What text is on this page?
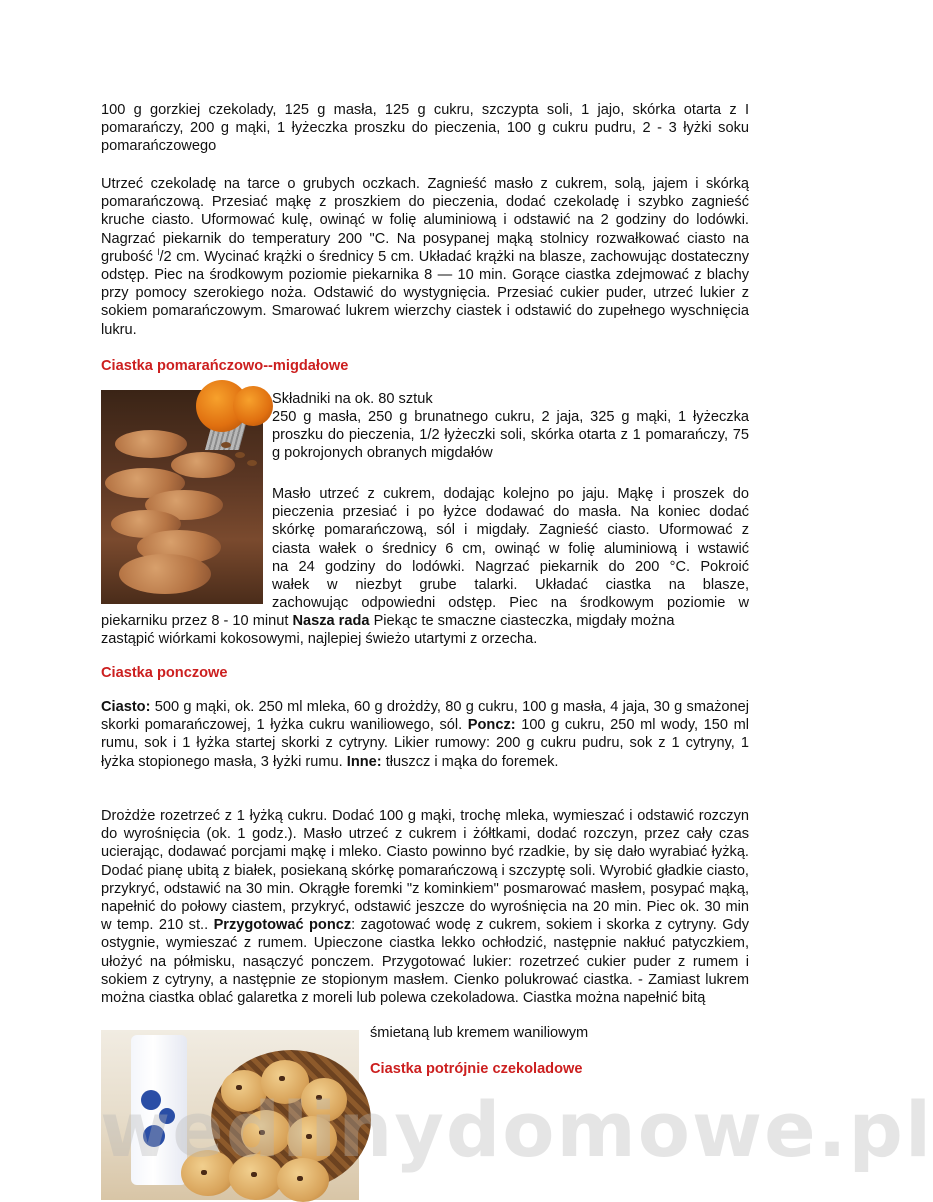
100 g gorzkiej czekolady, 125 g masła, 125 g cukru, szczypta soli, 1 jajo, skórka otarta z I pomarańczy, 200 g mąki, 1 łyżeczka proszku do pieczenia, 100 g cukru pudru, 2 - 3 łyżki soku pomarańczowego
Utrzeć czekoladę na tarce o grubych oczkach. Zagnieść masło z cukrem, solą, jajem i skórką pomarańczową. Przesiać mąkę z proszkiem do pieczenia, dodać czekoladę i szybko zagnieść kruche ciasto. Uformować kulę, owinąć w folię aluminiową i odstawić na 2 godziny do lodówki. Nagrzać piekarnik do temperatury 200 "C. Na posypanej mąką stolnicy rozwałkować ciasto na grubość $^l$/2 cm. Wycinać krążki o średnicy 5 cm. Układać krążki na blasze, zachowując dostateczny odstęp. Piec na środkowym poziomie piekarnika 8 — 10 min. Gorące ciastka zdejmować z blachy przy pomocy szerokiego noża. Odstawić do wystygnięcia. Przesiać cukier puder, utrzeć lukier z sokiem pomarańczowym. Smarować lukrem wierzchy ciastek i odstawić do zupełnego wyschnięcia lukru.
Ciastka pomarańczowo--migdałowe
Składniki na ok. 80 sztuk
250 g masła, 250 g brunatnego cukru, 2 jaja, 325 g mąki, 1 łyżeczka proszku do pieczenia, 1/2 łyżeczki soli, skórka otarta z 1 pomarańczy, 75 g pokrojonych obranych migdałów
Masło utrzeć z cukrem, dodając kolejno po jaju. Mąkę i proszek do
pieczenia przesiać i po łyżce dodawać do masła. Na koniec dodać
skórkę pomarańczową, sól i migdały. Zagnieść ciasto. Uformować z
ciasta wałek o średnicy 6 cm, owinąć w folię aluminiową i wstawić
na 24 godziny do lodówki. Nagrzać piekarnik do 200 °C. Pokroić
wałek w niezbyt grube talarki. Układać ciastka na blasze,
zachowując odpowiedni odstęp. Piec na środkowym poziomie w
piekarniku przez 8 - 10 minut Nasza rada Piekąc te smaczne ciasteczka, migdały można
zastąpić wiórkami kokosowymi, najlepiej świeżo utartymi z orzecha.
Ciastka ponczowe
Ciasto: 500 g mąki, ok. 250 ml mleka, 60 g drożdży, 80 g cukru, 100 g masła, 4 jaja, 30 g smażonej skorki pomarańczowej, 1 łyżka cukru waniliowego, sól. Poncz: 100 g cukru, 250 ml wody, 150 ml rumu, sok i 1 łyżka startej skorki z cytryny. Likier rumowy: 200 g cukru pudru, sok z 1 cytryny, 1 łyżka stopionego masła, 3 łyżki rumu. Inne: tłuszcz i mąka do foremek.
Drożdże rozetrzeć z 1 łyżką cukru. Dodać 100 g mąki, trochę mleka, wymieszać i odstawić rozczyn do wyrośnięcia (ok. 1 godz.). Masło utrzeć z cukrem i żółtkami, dodać rozczyn, przez cały czas ucierając, dodawać porcjami mąkę i mleko. Ciasto powinno być rzadkie, by się dało wyrabiać łyżką. Dodać pianę ubitą z białek, posiekaną skórkę pomarańczową i szczyptę soli. Wyrobić gładkie ciasto, przykryć, odstawić na 30 min. Okrągłe foremki "z kominkiem" posmarować masłem, posypać mąką, napełnić do połowy ciastem, przykryć, odstawić jeszcze do wyrośnięcia na 20 min. Piec ok. 30 min w temp. 210 st.. Przygotować poncz: zagotować wodę z cukrem, sokiem i skorka z cytryny. Gdy ostygnie, wymieszać z rumem. Upieczone ciastka lekko ochłodzić, następnie nakłuć patyczkiem, ułożyć na półmisku, nasączyć ponczem. Przygotować lukier: rozetrzeć cukier puder z rumem i sokiem z cytryny, a następnie ze stopionym masłem. Cienko polukrować ciastka. - Zamiast lukrem można ciastka oblać galaretka z moreli lub polewa czekoladowa. Ciastka można napełnić bitą
śmietaną lub kremem waniliowym
Ciastka potrójnie czekoladowe
wedlinydomowe.pl
